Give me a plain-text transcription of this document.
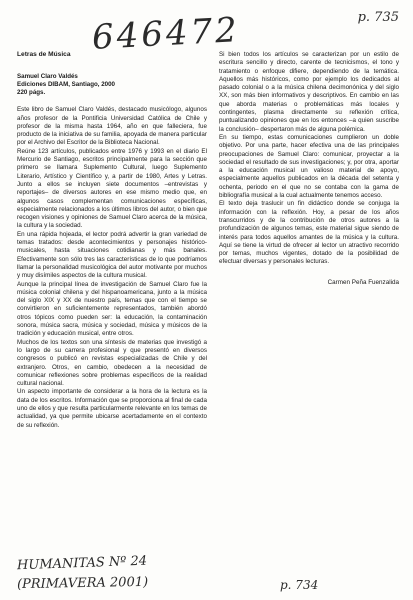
p. 735
646472
Letras de Música
Samuel Claro Valdés
Ediciones DIBAM, Santiago, 2000
220 págs.

Este libro de Samuel Claro Valdés, destacado musicólogo, algunos años profesor de la Pontificia Universidad Católica de Chile y profesor de la misma hasta 1964, año en que falleciera, fue producto de la iniciativa de su familia, apoyada de manera particular por el Archivo del Escritor de la Biblioteca Nacional.

Reúne 123 artículos, publicados entre 1976 y 1993 en el diario El Mercurio de Santiago, escritos principalmente para la sección que primero se llamara Suplemento Cultural, luego Suplemento Literario, Artístico y Científico y, a partir de 1980, Artes y Letras. Junto a ellos se incluyen siete documentos –entrevistas y reportajes– de diversos autores en ese mismo medio que, en algunos casos complementan comunicaciones específicas, especialmente relacionados a los últimos libros del autor, o bien que recogen visiones y opiniones de Samuel Claro acerca de la música, la cultura y la sociedad.

En una rápida hojeada, el lector podrá advertir la gran variedad de temas tratados: desde acontecimientos y personajes histórico-musicales, hasta situaciones cotidianas y más banales. Efectivamente son sólo tres las características de lo que podríamos llamar la personalidad musicológica del autor motivante por muchos y muy disímiles aspectos de la cultura musical.

Aunque la principal línea de investigación de Samuel Claro fue la música colonial chilena y del hispanoamericana, junto a la música del siglo XIX y XX de nuestro país, temas que con el tiempo se convirtieron en suficientemente representados, también abordó otros tópicos como pueden ser: la educación, la contaminación sonora, música sacra, música y sociedad, música y músicos de la tradición y educación musical, entre otros.

Muchos de los textos son una síntesis de materias que investigó a lo largo de su carrera profesional y que presentó en diversos congresos o publicó en revistas especializadas de Chile y del extranjero. Otros, en cambio, obedecen a la necesidad de comunicar reflexiones sobre problemas específicos de la realidad cultural nacional.

Un aspecto importante de considerar a la hora de la lectura es la data de los escritos. Información que se proporciona al final de cada uno de ellos y que resulta particularmente relevante en los temas de actualidad, ya que permite ubicarse acertadamente en el contexto de su reflexión.

Si bien todos los artículos se caracterizan por un estilo de escritura sencillo y directo, carente de tecnicismos, el tono y tratamiento o enfoque difiere, dependiendo de la temática. Aquellos más históricos, como por ejemplo los dedicados al pasado colonial o a la música chilena decimonónica y del siglo XX, son más bien informativos y descriptivos. En cambio en las que aborda materias o problemáticas más locales y contingentes, plasma directamente su reflexión crítica, puntualizando opiniones que en los entonces –a quien suscribe la conclusión– despertaron más de alguna polémica.

En su tiempo, estas comunicaciones cumplieron un doble objetivo. Por una parte, hacer efectiva una de las principales preocupaciones de Samuel Claro: comunicar, proyectar a la sociedad el resultado de sus investigaciones; y, por otra, aportar a la educación musical un valioso material de apoyo, especialmente aquellos publicados en la década del setenta y ochenta, periodo en el que no se contaba con la gama de bibliografía musical a la cual actualmente tenemos acceso.

El texto deja traslucir un fin didáctico donde se conjuga la información con la reflexión. Hoy, a pesar de los años transcurridos y de la contribución de otros autores a la profundización de algunos temas, este material sigue siendo de interés para todos aquellos amantes de la música y la cultura. Aquí se tiene la virtud de ofrecer al lector un atractivo recorrido por temas, muchos vigentes, dotado de la posibilidad de efectuar diversas y personales lecturas.

Carmen Peña Fuenzalida
HUMANITAS Nº 24
(PRIMAVERA 2001)	p. 734
